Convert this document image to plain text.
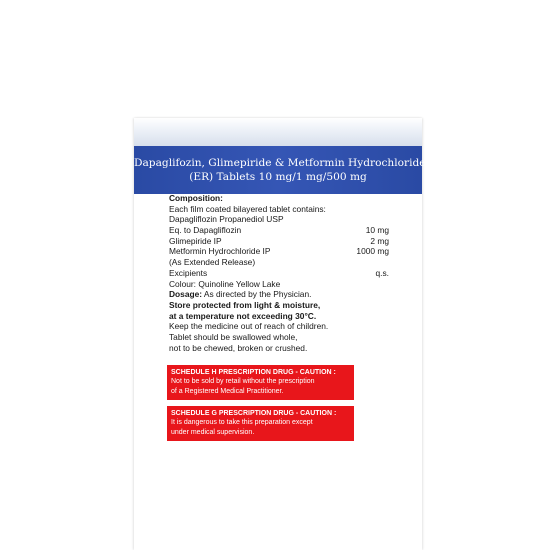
Dapaglifozin, Glimepiride & Metformin Hydrochloride
(ER) Tablets 10 mg/1 mg/500 mg
Composition:
Each film coated bilayered tablet contains:
Dapagliflozin Propanediol USP
Eq. to Dapagliflozin	10 mg
Glimepiride IP	2 mg
Metformin Hydrochloride IP	1000 mg
(As Extended Release)
Excipients	q.s.
Colour: Quinoline Yellow Lake
Dosage: As directed by the Physician.
Store protected from light & moisture,
at a temperature not exceeding 30°C.
Keep the medicine out of reach of children.
Tablet should be swallowed whole,
not to be chewed, broken or crushed.
SCHEDULE H PRESCRIPTION DRUG - CAUTION :
Not to be sold by retail without the prescription
of a Registered Medical Practitioner.
SCHEDULE G PRESCRIPTION DRUG - CAUTION :
It is dangerous to take this preparation except
under medical supervision.
